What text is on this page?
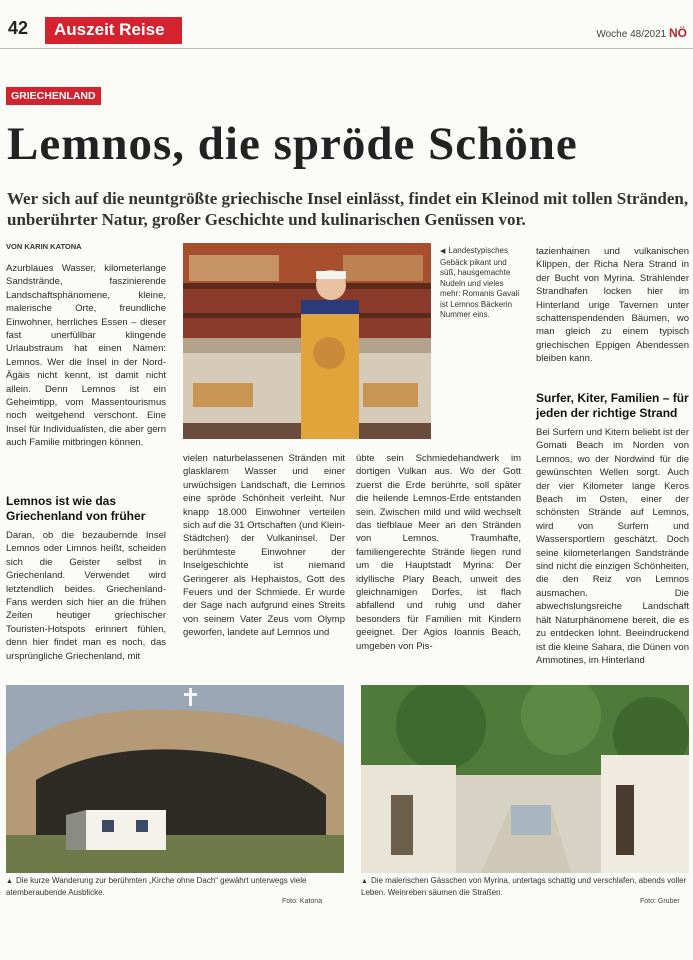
42	Auszeit Reise	Woche 48/2021 NÖ
GRIECHENLAND
Lemnos, die spröde Schöne
Wer sich auf die neuntgrößte griechische Insel einlässt, findet ein Kleinod mit tollen Stränden, unberührter Natur, großer Geschichte und kulinarischen Genüssen vor.
VON KARIN KATONA

Azurblaues Wasser, kilometerlange Sandstrände, faszinierende Landschaftsphänomene, kleine, malerische Orte, freundliche Einwohner, herrliches Essen – dieser fast unerfüllbar klingende Urlaubstraum hat einen Namen: Lemnos. Wer die Insel in der Nord-Ägäis nicht kennt, ist damit nicht allein. Denn Lemnos ist ein Geheimtipp, vom Massentourismus noch weitgehend verschont. Eine Insel für Individualisten, die aber gern auch Familie mitbringen können.

Lemnos ist wie das Griechenland von früher

Daran, ob die bezaubernde Insel Lemnos oder Limnos heißt, scheiden sich die Geister selbst in Griechenland. Verwendet wird letztendlich beides. Griechenland-Fans werden sich hier an die frühen Zeiten heutiger griechischer Touristen-Hotspots erinnert fühlen, denn hier findet man es noch, das ursprüngliche Griechenland, mit

◀ Landestypisches Gebäck pikant und süß, hausgemachte Nudeln und vieles mehr: Romanis Gavali ist Lemnos Bäckerin Nummer eins.

vielen naturbelassenen Stränden mit glasklarem Wasser und einer urwüchsigen Landschaft, die Lemnos eine spröde Schönheit verleiht. Nur knapp 18.000 Einwohner verteilen sich auf die 31 Ortschaften (und Klein-Städtchen) der Vulkaninsel. Der berühmteste Einwohner der Inselgeschichte ist niemand Geringerer als Hephaistos, Gott des Feuers und der Schmiede. Er wurde der Sage nach aufgrund eines Streits von seinem Vater Zeus vom Olymp geworfen, landete auf Lemnos und

übte sein Schmiedehandwerk im dortigen Vulkan aus. Wo der Gott zuerst die Erde berührte, soll später die heilende Lemnos-Erde entstanden sein. Zwischen mild und wild wechselt das tiefblaue Meer an den Stränden von Lemnos. Traumhafte, familiengerechte Strände liegen rund um die Hauptstadt Myrina: Der idyllische Plary Beach, unweit des gleichnamigen Dorfes, ist flach abfallend und ruhig und daher besonders für Familien mit Kindern geeignet. Der Agios Ioannis Beach, umgeben von Pis-

tazienhainen und vulkanischen Klippen, der Richa Nera Strand in der Bucht von Myrina. Strahlender Strandhafen locken hier im Hinterland urige Tavernen unter schattenspendenden Bäumen, wo man gleich zu einem typisch griechischen Eppigen Abendessen bleiben kann.

Surfer, Kiter, Familien – für jeden der richtige Strand

Bei Surfern und Kitern beliebt ist der Gomati Beach im Norden von Lemnos, wo der Nordwind für die gewünschten Wellen sorgt. Auch der vier Kilometer lange Keros Beach im Osten, einer der schönsten Strände auf Lemnos, wird von Surfern und Wassersportlern geschätzt. Doch seine kilometerlangen Sandstrände sind nicht die einzigen Schönheiten, die den Reiz von Lemnos ausmachen. Die abwechslungsreiche Landschaft hält Naturphänomene bereit, die es zu entdecken lohnt. Beeindruckend ist die kleine Sahara, die Dünen von Ammotines, im Hinterland

▲ Die kurze Wanderung zur berühmten „Kirche ohne Dach“ gewährt unterwegs viele atemberaubende Ausblicke.
Foto: Katona
▲ Die malerischen Gässchen von Myrina, untertags schattig und verschlafen, abends voller Leben. Weinreben säumen die Straßen.
Foto: Gruber
